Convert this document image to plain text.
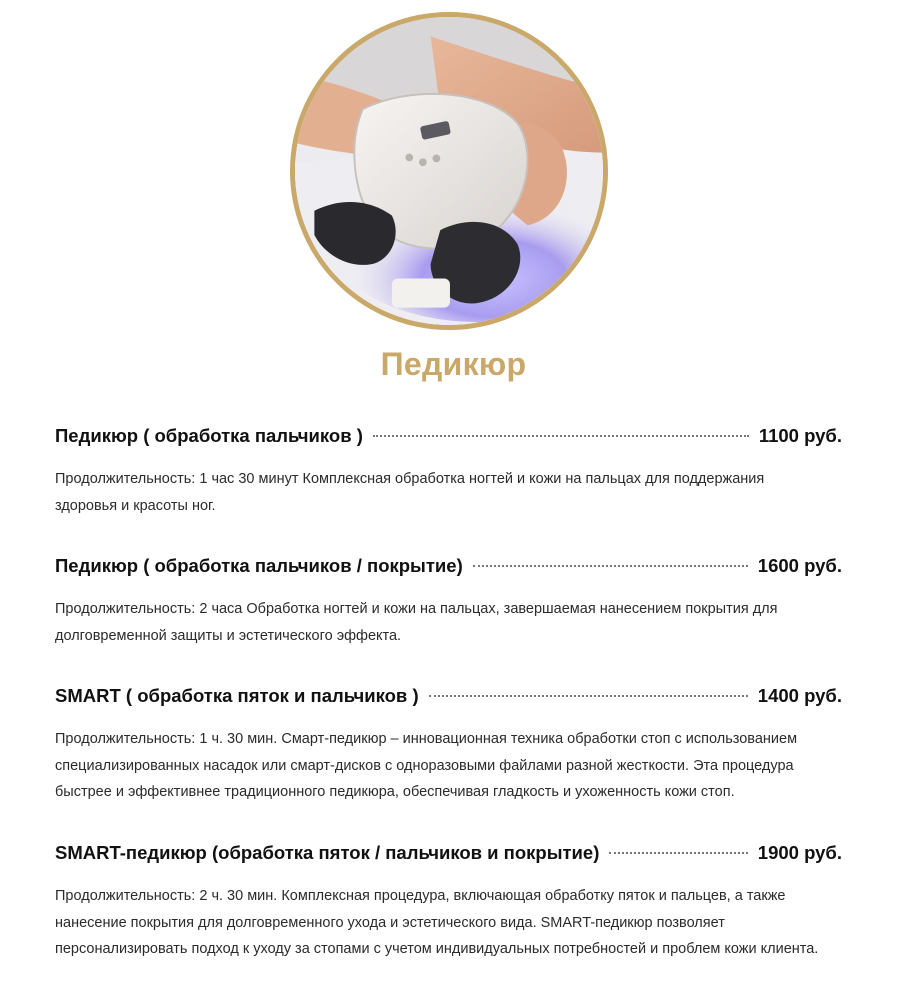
Педикюр
Педикюр ( обработка пальчиков )	1100 руб.

Продолжительность: 1 час 30 минут Комплексная обработка ногтей и кожи на пальцах для поддержания здоровья и красоты ног.

Педикюр ( обработка пальчиков / покрытие)	1600 руб.

Продолжительность: 2 часа Обработка ногтей и кожи на пальцах, завершаемая нанесением покрытия для долговременной защиты и эстетического эффекта.

SMART ( обработка пяток и пальчиков )	1400 руб.

Продолжительность: 1 ч. 30 мин. Смарт-педикюр – инновационная техника обработки стоп с использованием специализированных насадок или смарт-дисков с одноразовыми файлами разной жесткости. Эта процедура быстрее и эффективнее традиционного педикюра, обеспечивая гладкость и ухоженность кожи стоп.

SMART-педикюр (обработка пяток / пальчиков и покрытие)	1900 руб.

Продолжительность: 2 ч. 30 мин. Комплексная процедура, включающая обработку пяток и пальцев, а также нанесение покрытия для долговременного ухода и эстетического вида. SMART-педикюр позволяет персонализировать подход к уходу за стопами с учетом индивидуальных потребностей и проблем кожи клиента.
